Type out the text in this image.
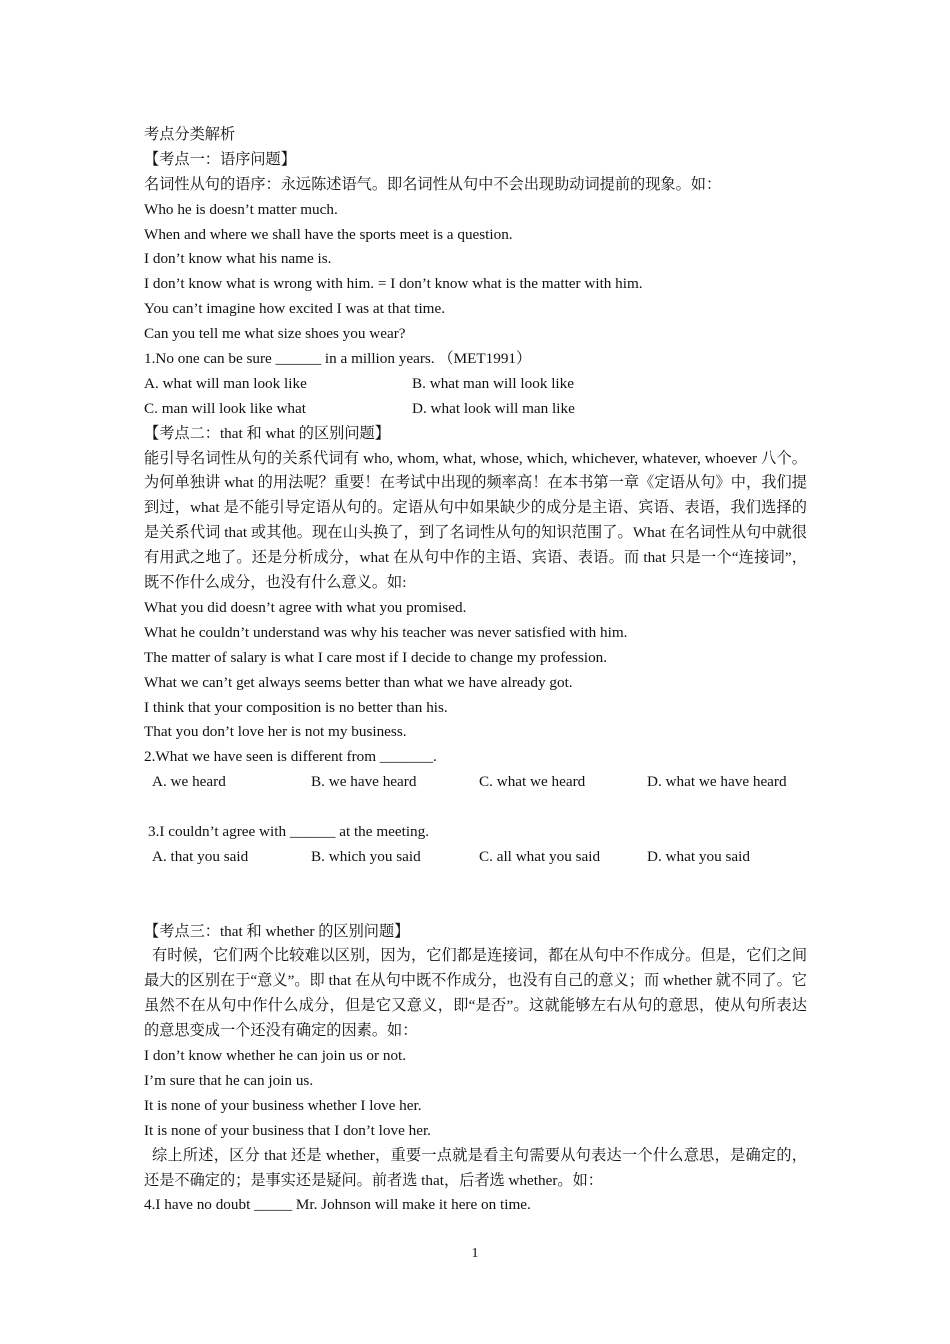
考点分类解析
【考点一：语序问题】
名词性从句的语序：永远陈述语气。即名词性从句中不会出现助动词提前的现象。如：
Who he is doesn’t matter much.
When and where we shall have the sports meet is a question.
I don’t know what his name is.
I don’t know what is wrong with him. = I don’t know what is the matter with him.
You can’t imagine how excited I was at that time.
Can you tell me what size shoes you wear?
1.No one can be sure ______ in a million years. （MET1991）
A. what will man look like	B. what man will look like
C. man will look like what	D. what look will man like
【考点二：that 和 what 的区别问题】
能引导名词性从句的关系代词有 who, whom, what, whose, which, whichever, whatever, whoever 八个。为何单独讲 what 的用法呢？重要！在考试中出现的频率高！在本书第一章《定语从句》中，我们提到过，what 是不能引导定语从句的。定语从句中如果缺少的成分是主语、宾语、表语，我们选择的是关系代词 that 或其他。现在山头换了，到了名词性从句的知识范围了。What 在名词性从句中就很有用武之地了。还是分析成分，what 在从句中作的主语、宾语、表语。而 that 只是一个“连接词”，既不作什么成分，也没有什么意义。如:
What you did doesn’t agree with what you promised.
What he couldn’t understand was why his teacher was never satisfied with him.
The matter of salary is what I care most if I decide to change my profession.
What we can’t get always seems better than what we have already got.
I think that your composition is no better than his.
That you don’t love her is not my business.
2.What we have seen is different from _______.
A. we heard	B. we have heard	C. what we heard	D. what we have heard
3.I couldn’t agree with ______ at the meeting.
A. that you said	B. which you said	C. all what you said	D. what you said
【考点三：that 和 whether 的区别问题】
有时候，它们两个比较难以区别，因为，它们都是连接词，都在从句中不作成分。但是，它们之间最大的区别在于“意义”。即 that 在从句中既不作成分，也没有自己的意义；而 whether 就不同了。它虽然不在从句中作什么成分，但是它又意义，即“是否”。这就能够左右从句的意思，使从句所表达的意思变成一个还没有确定的因素。如：
I don’t know whether he can join us or not.
I’m sure that he can join us.
It is none of your business whether I love her.
It is none of your business that I don’t love her.
综上所述，区分 that 还是 whether，重要一点就是看主句需要从句表达一个什么意思，是确定的，还是不确定的；是事实还是疑问。前者选 that，后者选 whether。如：
4.I have no doubt _____ Mr. Johnson will make it here on time.
1
